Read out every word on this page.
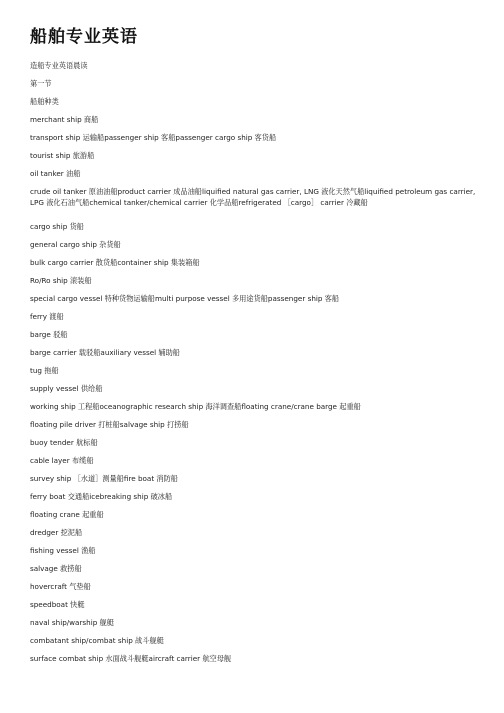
船舶专业英语
造船专业英语晨读
第一节
船舶种类
merchant ship 商船
transport ship 运输船passenger ship 客船passenger cargo ship 客货船
tourist ship 旅游船
oil tanker 油船
crude oil tanker 原油油船product carrier 成品油船liquified natural gas carrier, LNG 液化天然气船liquified petroleum gas carrier, LPG 液化石油气船chemical tanker/chemical carrier 化学品船refrigerated ［cargo］ carrier 冷藏船
cargo ship 货船
general cargo ship 杂货船
bulk cargo carrier 散货船container ship 集装箱船
Ro/Ro ship 滚装船
special cargo vessel 特种货物运输船multi purpose vessel 多用途货船passenger ship 客船
ferry 渡船
barge 驳船
barge carrier 载驳船auxiliary vessel 辅助船
tug 拖船
supply vessel 供给船
working ship 工程船oceanographic research ship 海洋调查船floating crane/crane barge 起重船
floating pile driver 打桩船salvage ship 打捞船
buoy tender 航标船
cable layer 布缆船
survey ship ［水道］测量船fire boat 消防船
ferry boat 交通船icebreaking ship 破冰船
floating crane 起重船
dredger 挖泥船
fishing vessel 渔船
salvage 救捞船
hovercraft 气垫船
speedboat 快艇
naval ship/warship 舰艇
combatant ship/combat ship 战斗舰艇
surface combat ship 水面战斗舰艇aircraft carrier 航空母舰
